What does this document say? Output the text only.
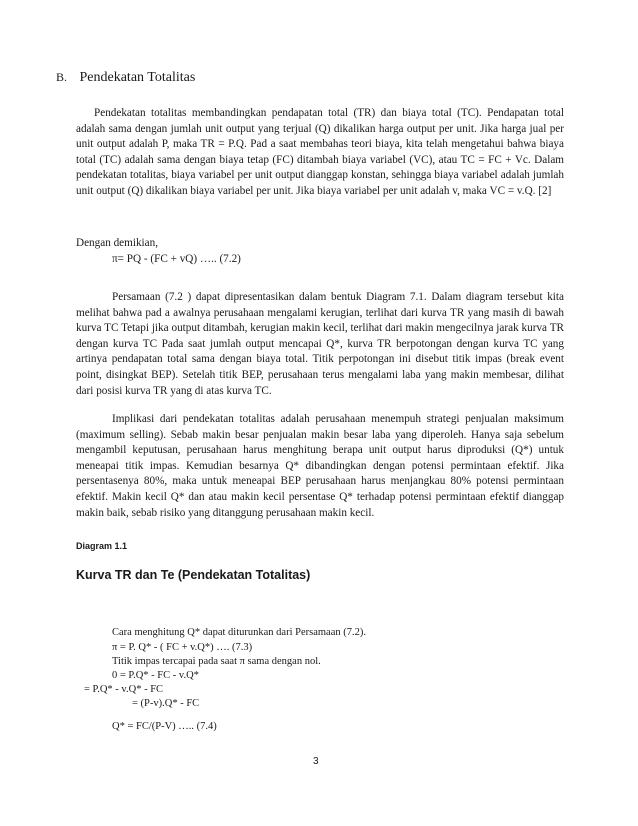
B. Pendekatan Totalitas
Pendekatan totalitas membandingkan pendapatan total (TR) dan biaya total (TC). Pendapatan total adalah sama dengan jumlah unit output yang terjual (Q) dikalikan harga output per unit. Jika harga jual per unit output adalah P, maka TR = P.Q. Pad a saat membahas teori biaya, kita telah mengetahui bahwa biaya total (TC) adalah sama dengan biaya tetap (FC) ditambah biaya variabel (VC), atau TC = FC + Vc. Dalam pendekatan totalitas, biaya variabel per unit output dianggap konstan, sehingga biaya variabel adalah jumlah unit output (Q) dikalikan biaya variabel per unit. Jika biaya variabel per unit adalah v, maka VC = v.Q. [2]
Dengan demikian,
π= PQ - (FC + vQ) ….. (7.2)
Persamaan (7.2 ) dapat dipresentasikan dalam bentuk Diagram 7.1. Dalam diagram tersebut kita melihat bahwa pad a awalnya perusahaan mengalami kerugian, terlihat dari kurva TR yang masih di bawah kurva TC Tetapi jika output ditambah, kerugian makin kecil, terlihat dari makin mengecilnya jarak kurva TR dengan kurva TC Pada saat jumlah output mencapai Q*, kurva TR berpotongan dengan kurva TC yang artinya pendapatan total sama dengan biaya total. Titik perpotongan ini disebut titik impas (break event point, disingkat BEP). Setelah titik BEP, perusahaan terus mengalami laba yang makin membesar, dilihat dari posisi kurva TR yang di atas kurva TC.
Implikasi dari pendekatan totalitas adalah perusahaan menempuh strategi penjualan maksimum (maximum selling). Sebab makin besar penjualan makin besar laba yang diperoleh. Hanya saja sebelum mengambil keputusan, perusahaan harus menghitung berapa unit output harus diproduksi (Q*) untuk meneapai titik impas. Kemudian besarnya Q* dibandingkan dengan potensi permintaan efektif. Jika persentasenya 80%, maka untuk meneapai BEP perusahaan harus menjangkau 80% potensi permintaan efektif. Makin kecil Q* dan atau makin kecil persentase Q* terhadap potensi permintaan efektif dianggap makin baik, sebab risiko yang ditanggung perusahaan makin kecil.
Diagram 1.1
Kurva TR dan Te (Pendekatan Totalitas)
Cara menghitung Q* dapat diturunkan dari Persamaan (7.2).
π = P. Q* - ( FC + v.Q*) …. (7.3)
Titik impas tercapai pada saat π sama dengan nol.
0 = P.Q* - FC - v.Q*
= P.Q* - v.Q* - FC
= (P-v).Q* - FC
Q* = FC/(P-V) ….. (7.4)
3
